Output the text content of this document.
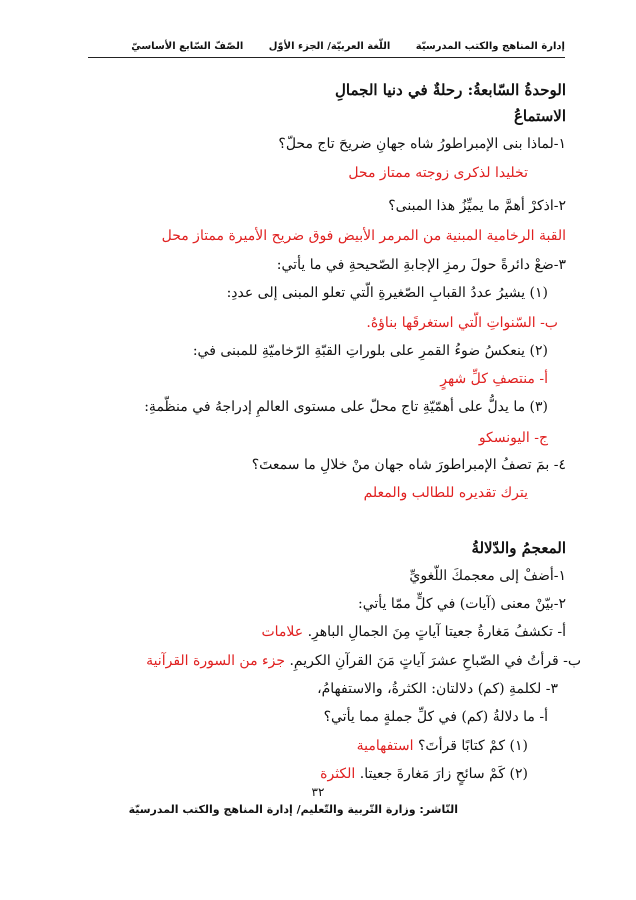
إدارة المناهج والكتب المدرسيّة اللّغة العربيّة/ الجزء الأوّل الصّفّ السّابع الأساسيّ
الوحدةُ السّابعةُ: رحلةٌ في دنيا الجمالِ
الاستماعُ
١-لماذا بنى الإمبراطورُ شاه جهانِ ضريحَ تاج محلّ؟
تخليدا لذكرى زوجته ممتاز محل
٢-اذكرْ أهمَّ ما يميِّزُ هذا المبنى؟
القبة الرخامية المبنية من المرمر الأبيض فوق ضريح الأميرة ممتاز محل
٣-ضعْ دائرةً حولَ رمزِ الإجابةِ الصّحيحةِ في ما يأتي:
(١) يشيرُ عددُ القبابِ الصّغيرةِ الّتي تعلو المبنى إلى عددِ:
ب- السّنواتِ الّتي استغرقَها بناؤهُ.
(٢) ينعكسُ ضوءُ القمرِ على بلوراتِ القبّةِ الرّخاميّةِ للمبنى في:
أ- منتصفِ كلِّ شهرٍ
(٣) ما يدلُّ على أهمّيّةِ تاج محلّ على مستوى العالمِ إدراجهُ في منظّمةِ:
ج- اليونسكو
٤- بمَ تصفُ الإمبراطورَ شاه جهان منْ خلالِ ما سمعتَ؟
يترك تقديره للطالب والمعلم
المعجمُ والدّلالةُ
١-أضفْ إلى معجمكَ اللّغويِّ
٢-بيّنْ معنى (آيات) في كلٍّ ممّا يأتي:
أ- تكشفُ مَغارةُ جعيتا آياتٍ مِنَ الجمالِ الباهرِ. علامات
ب- قرأتُ في الصّباحِ عشرَ آياتٍ مَنَ القرآنِ الكريمِ. جزء من السورة القرآنية
٣- لكلمةِ (كم) دلالتان: الكثرةُ، والاستفهامُ،
أ- ما دلالةُ (كم) في كلِّ جملةٍ مما يأتي؟
(١) كمْ كتابًا قرأتَ؟ استفهامية
(٢) كَمْ سائحٍ زارَ مَغارةَ جعيتا. الكثرة
٣٢
النّاشر: وزارة التّربية والتّعليم/ إدارة المناهج والكتب المدرسيّة
